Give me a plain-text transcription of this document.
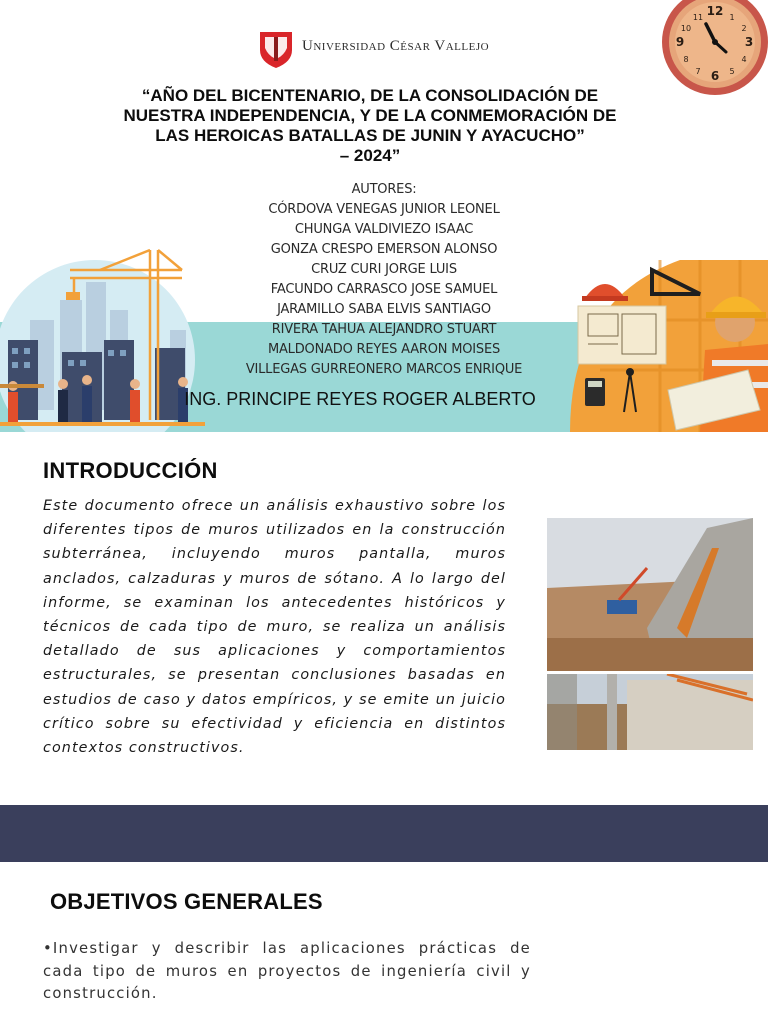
Universidad César Vallejo
12
3
6
9
1
2
4
5
7
8
10
11
“AÑO DEL BICENTENARIO, DE LA CONSOLIDACIÓN DE
NUESTRA INDEPENDENCIA, Y DE LA CONMEMORACIÓN DE
LAS HEROICAS BATALLAS DE JUNIN Y AYACUCHO”
– 2024”
AUTORES:
CÓRDOVA VENEGAS JUNIOR LEONEL
CHUNGA VALDIVIEZO ISAAC
GONZA CRESPO EMERSON ALONSO
CRUZ CURI JORGE LUIS
FACUNDO CARRASCO JOSE SAMUEL
JARAMILLO SABA ELVIS SANTIAGO
RIVERA TAHUA ALEJANDRO STUART
MALDONADO REYES AARON MOISES
VILLEGAS GURREONERO MARCOS ENRIQUE
ING. PRINCIPE REYES ROGER ALBERTO
INTRODUCCIÓN
Este documento ofrece un análisis exhaustivo sobre los diferentes tipos de muros utilizados en la construcción subterránea, incluyendo muros pantalla, muros anclados, calzaduras y muros de sótano. A lo largo del informe, se examinan los antecedentes históricos y técnicos de cada tipo de muro, se realiza un análisis detallado de sus aplicaciones y comportamientos estructurales, se presentan conclusiones basadas en estudios de caso y datos empíricos, y se emite un juicio crítico sobre su efectividad y eficiencia en distintos contextos constructivos.
OBJETIVOS GENERALES
•Investigar y describir las aplicaciones prácticas de cada tipo de muros en proyectos de ingeniería civil y construcción.
